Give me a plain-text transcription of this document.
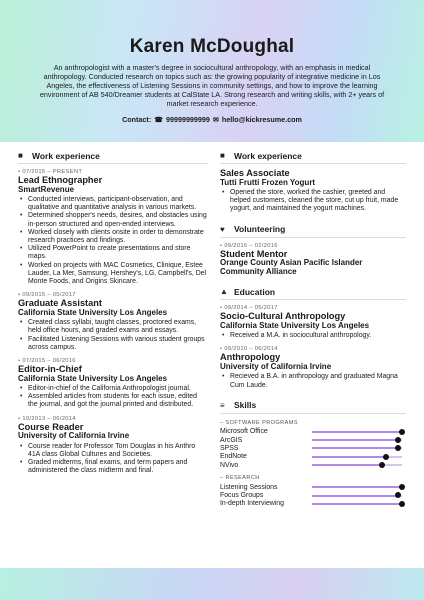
Karen McDoughal
An anthropologist with a master's degree in sociocultural anthropology, with an emphasis in medical anthropology. Conducted research on topics such as: the growing popularity of integrative medicine in Los Angeles, the effectiveness of Listening Sessions in community settings, and how to improve the learning environment of AB 540/Dreamer students at CalState LA. Strong research and writing skills, with 2+ years of market research experience.
Contact: ☎ 99999999999 ✉ hello@kickresume.com
■	Work experience
• 07/2015 – PRESENT
Lead Ethnographer
SmartRevenue
• Conducted interviews, participant-observation, and qualitative and quantitative analysis in various markets.
• Determined shopper's needs, desires, and obstacles using in-person structured and open-ended interviews.
• Worked closely with clients onsite in order to demonstrate research practices and findings.
• Utilized PowerPoint to create presentations and store maps.
• Worked on projects with MAC Cosmetics, Clinique, Estee Lauder, La Mer, Samsung, Hershey's, LG, Campbell's, Del Monte Foods, and Origins Skincare.
• 09/2015 – 05/2017
Graduate Assistant
California State University Los Angeles
• Created class syllabi, taught classes, proctored exams, held office hours, and graded exams and essays.
• Facilitated Listening Sessions with various student groups across campus.
• 07/2015 – 06/2016
Editor-in-Chief
California State University Los Angeles
• Editor-in-chief of the California Anthropologist journal.
• Assembled articles from students for each issue, edited the journal, and got the journal printed and distributed.
• 10/2013 – 06/2014
Course Reader
University of California Irvine
• Course reader for Professor Tom Douglas in his Anthro 41A class Global Cultures and Societies.
• Graded midterms, final exams, and term papers and administered the class midterm and final.
■	Work experience
Sales Associate
Tutti Frutti Frozen Yogurt
• Opened the store, worked the cashier, greeted and helped customers, cleaned the store, cut up fruit, made yogurt, and maintained the yogurt machines.
♥	Volunteering
• 09/2015 – 02/2016
Student Mentor
Orange County Asian Pacific Islander Community Alliance
▲ Education
• 09/2014 – 05/2017
Socio-Cultural Anthropology
California State University Los Angeles
• Received a M.A. in sociocultural anthropology.
• 09/2010 – 06/2014
Anthropology
University of California Irvine
• Recieved a B.A. in anthropology and graduated Magna Cum Laude.
≡	Skills
– SOFTWARE PROGRAMS
Microsoft Office
ArcGIS
SPSS
EndNote
NVivo
– RESEARCH
Listening Sessions
Focus Groups
In-depth Interviewing
